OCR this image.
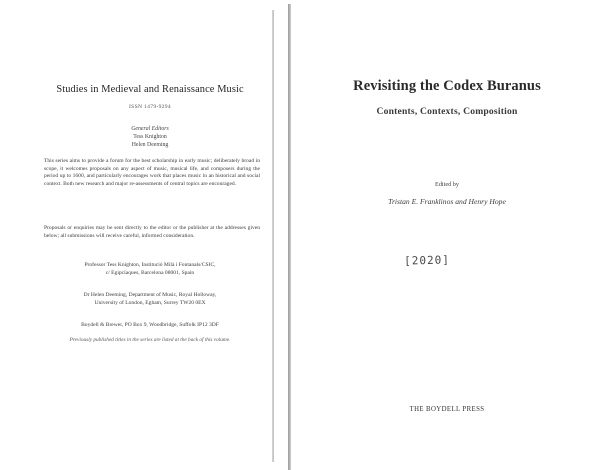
Studies in Medieval and Renaissance Music
ISSN 1479-9294
General Editors
Tess Knighton
Helen Deeming

This series aims to provide a forum for the best scholarship in early music; deliberately broad in scope, it welcomes proposals on any aspect of music, musical life, and composers during the period up to 1600, and particularly encourages work that places music in an historical and social context. Both new research and major re-assessments of central topics are encouraged.

Proposals or enquiries may be sent directly to the editor or the publisher at the addresses given below; all submissions will receive careful, informed consideration.

Professor Tess Knighton, Institució Milà i Fontanals/CSIC,
c/ Egipcíaques, Barcelona 08001, Spain
Dr Helen Deeming, Department of Music, Royal Holloway,
University of London, Egham, Surrey TW20 0EX
Boydell & Brewer, PO Box 9, Woodbridge, Suffolk IP12 3DF
Previously published titles in the series are listed at the back of this volume.
Revisiting the Codex Buranus
Contents, Contexts, Composition
Edited by
Tristan E. Franklinos and Henry Hope
[2020]
THE BOYDELL PRESS
